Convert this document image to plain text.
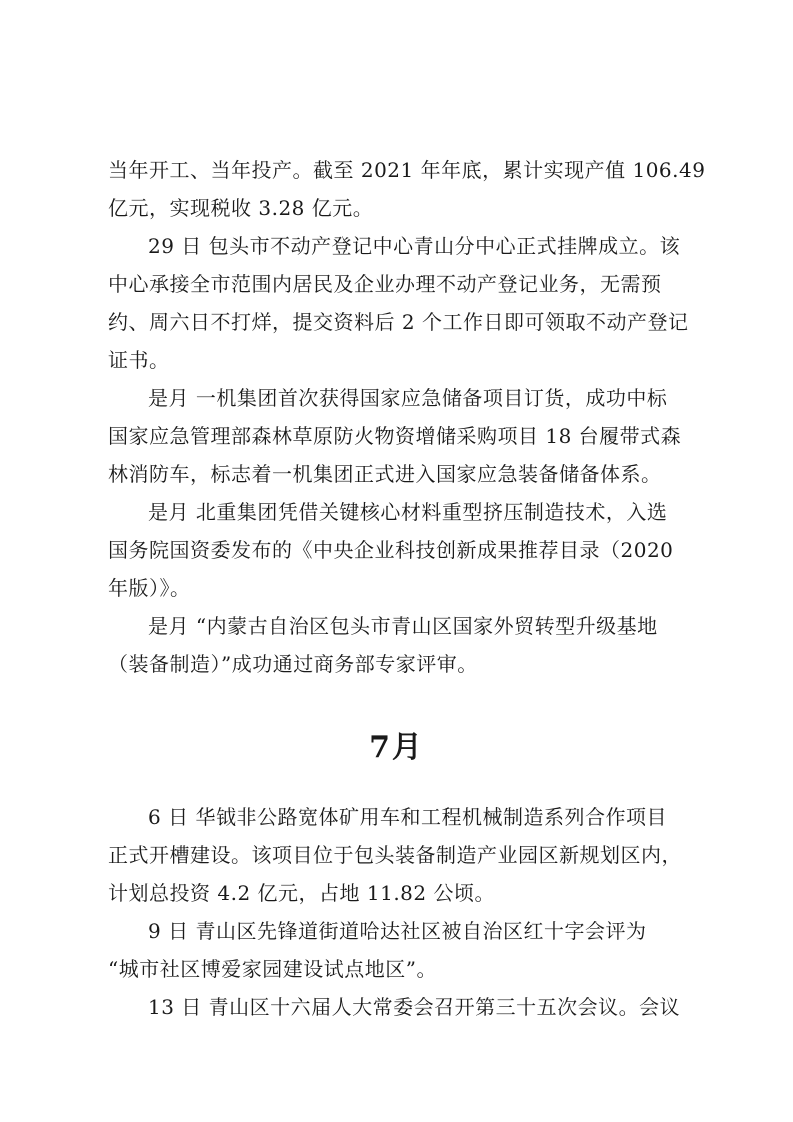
当年开工、当年投产。截至 2021 年年底，累计实现产值 106.49
亿元，实现税收 3.28 亿元。
29 日 包头市不动产登记中心青山分中心正式挂牌成立。该
中心承接全市范围内居民及企业办理不动产登记业务，无需预
约、周六日不打烊，提交资料后 2 个工作日即可领取不动产登记
证书。
是月 一机集团首次获得国家应急储备项目订货，成功中标
国家应急管理部森林草原防火物资增储采购项目 18 台履带式森
林消防车，标志着一机集团正式进入国家应急装备储备体系。
是月 北重集团凭借关键核心材料重型挤压制造技术，入选
国务院国资委发布的《中央企业科技创新成果推荐目录（2020
年版）》。
是月 “内蒙古自治区包头市青山区国家外贸转型升级基地
（装备制造）”成功通过商务部专家评审。
7月
6 日 华钺非公路宽体矿用车和工程机械制造系列合作项目
正式开槽建设。该项目位于包头装备制造产业园区新规划区内，
计划总投资 4.2 亿元，占地 11.82 公顷。
9 日 青山区先锋道街道哈达社区被自治区红十字会评为
“城市社区博爱家园建设试点地区”。
13 日 青山区十六届人大常委会召开第三十五次会议。会议
